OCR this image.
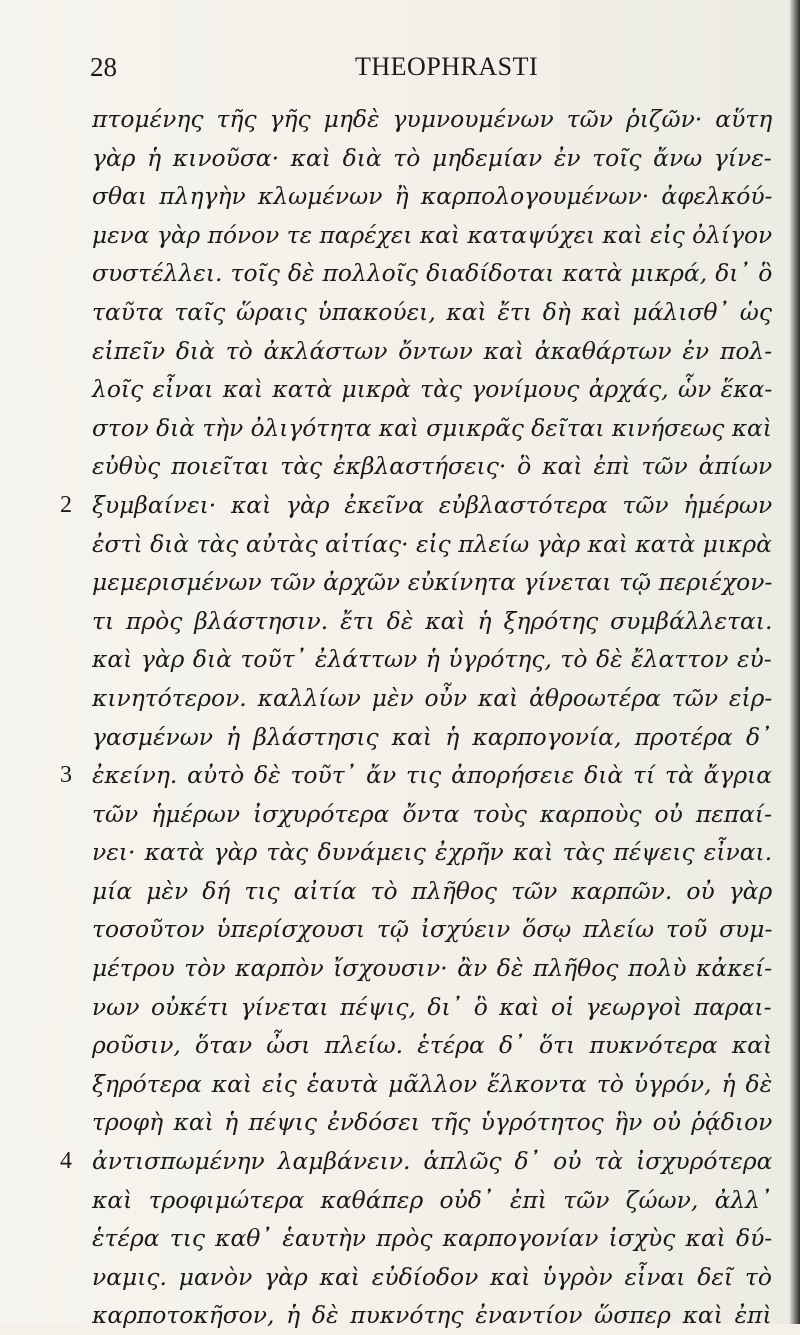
28	THEOPHRASTI
πτομένης τῆς γῆς μηδὲ γυμνουμένων τῶν ῥιζῶν· αὕτη
γὰρ ἡ κινοῦσα· καὶ διὰ τὸ μηδεμίαν ἐν τοῖς ἄνω γίνε-
σθαι πληγὴν κλωμένων ἢ καρπολογουμένων· ἀφελκόύ-
μενα γὰρ πόνον τε παρέχει καὶ καταψύχει καὶ εἰς ὀλίγον
συστέλλει. τοῖς δὲ πολλοῖς διαδίδοται κατὰ μικρά, δι᾽ ὃ
ταῦτα ταῖς ὥραις ὑπακούει, καὶ ἔτι δὴ καὶ μάλισθ᾽ ὡς
εἰπεῖν διὰ τὸ ἀκλάστων ὄντων καὶ ἀκαθάρτων ἐν πολ-
λοῖς εἶναι καὶ κατὰ μικρὰ τὰς γονίμους ἀρχάς, ὧν ἕκα-
στον διὰ τὴν ὀλιγότητα καὶ σμικρᾶς δεῖται κινήσεως καὶ
εὐθὺς ποιεῖται τὰς ἐκβλαστήσεις· ὃ καὶ ἐπὶ τῶν ἀπίων
2 ξυμβαίνει· καὶ γὰρ ἐκεῖνα εὐβλαστότερα τῶν ἡμέρων
ἐστὶ διὰ τὰς αὐτὰς αἰτίας· εἰς πλείω γὰρ καὶ κατὰ μικρὰ
μεμερισμένων τῶν ἀρχῶν εὐκίνητα γίνεται τῷ περιέχον-
τι πρὸς βλάστησιν. ἔτι δὲ καὶ ἡ ξηρότης συμβάλλεται.
καὶ γὰρ διὰ τοῦτ᾽ ἐλάττων ἡ ὑγρότης, τὸ δὲ ἔλαττον εὐ-
κινητότερον. καλλίων μὲν οὖν καὶ ἀθροωτέρα τῶν εἰρ-
γασμένων ἡ βλάστησις καὶ ἡ καρπογονία, προτέρα δ᾽
3 ἐκείνη. αὐτὸ δὲ τοῦτ᾽ ἄν τις ἀπορήσειε διὰ τί τὰ ἄγρια
τῶν ἡμέρων ἰσχυρότερα ὄντα τοὺς καρποὺς οὐ πεπαί-
νει· κατὰ γὰρ τὰς δυνάμεις ἐχρῆν καὶ τὰς πέψεις εἶναι.
μία μὲν δή τις αἰτία τὸ πλῆθος τῶν καρπῶν. οὐ γὰρ
τοσοῦτον ὑπερίσχουσι τῷ ἰσχύειν ὅσῳ πλείω τοῦ συμ-
μέτρου τὸν καρπὸν ἴσχουσιν· ἂν δὲ πλῆθος πολὺ κἀκεί-
νων οὐκέτι γίνεται πέψις, δι᾽ ὃ καὶ οἱ γεωργοὶ παραι-
ροῦσιν, ὅταν ὦσι πλείω. ἑτέρα δ᾽ ὅτι πυκνότερα καὶ
ξηρότερα καὶ εἰς ἑαυτὰ μᾶλλον ἕλκοντα τὸ ὑγρόν, ἡ δὲ
τροφὴ καὶ ἡ πέψις ἐνδόσει τῆς ὑγρότητος ἣν οὐ ῥᾴδιον
4 ἀντισπωμένην λαμβάνειν. ἁπλῶς δ᾽ οὐ τὰ ἰσχυρότερα
καὶ τροφιμώτερα καθάπερ οὐδ᾽ ἐπὶ τῶν ζώων, ἀλλ᾽
ἑτέρα τις καθ᾽ ἑαυτὴν πρὸς καρπογονίαν ἰσχὺς καὶ δύ-
ναμις. μανὸν γὰρ καὶ εὐδίοδον καὶ ὑγρὸν εἶναι δεῖ τὸ
καρποτοκῆσον, ἡ δὲ πυκνότης ἐναντίον ὥσπερ καὶ ἐπὶ
